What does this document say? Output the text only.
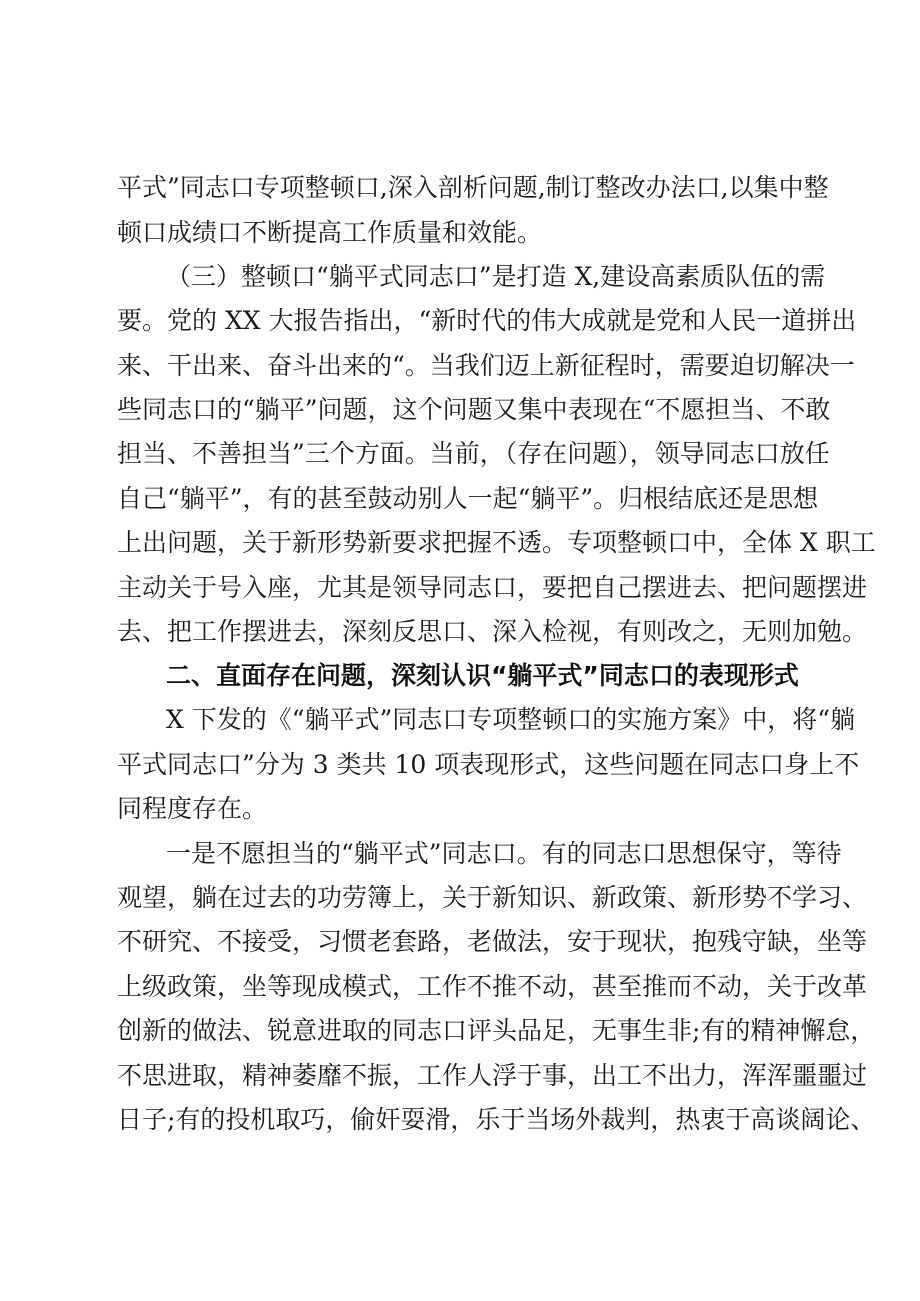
平式”同志口专项整顿口,深入剖析问题,制订整改办法口,以集中整
顿口成绩口不断提高工作质量和效能。
（三）整顿口“躺平式同志口”是打造 X,建设高素质队伍的需
要。党的 XX 大报告指出，“新时代的伟大成就是党和人民一道拼出
来、干出来、奋斗出来的“。当我们迈上新征程时，需要迫切解决一
些同志口的“躺平”问题，这个问题又集中表现在“不愿担当、不敢
担当、不善担当”三个方面。当前，（存在问题），领导同志口放任
自己“躺平”，有的甚至鼓动别人一起“躺平”。归根结底还是思想
上出问题，关于新形势新要求把握不透。专项整顿口中，全体 X 职工
主动关于号入座，尤其是领导同志口，要把自己摆进去、把问题摆进
去、把工作摆进去，深刻反思口、深入检视，有则改之，无则加勉。
二、直面存在问题，深刻认识“躺平式”同志口的表现形式
X 下发的《“躺平式”同志口专项整顿口的实施方案》中，将“躺
平式同志口”分为 3 类共 10 项表现形式，这些问题在同志口身上不
同程度存在。
一是不愿担当的“躺平式”同志口。有的同志口思想保守，等待
观望，躺在过去的功劳簿上，关于新知识、新政策、新形势不学习、
不研究、不接受，习惯老套路，老做法，安于现状，抱残守缺，坐等
上级政策，坐等现成模式，工作不推不动，甚至推而不动，关于改革
创新的做法、锐意进取的同志口评头品足，无事生非;有的精神懈怠，
不思进取，精神萎靡不振，工作人浮于事，出工不出力，浑浑噩噩过
日子;有的投机取巧，偷奸耍滑，乐于当场外裁判，热衷于高谈阔论、
